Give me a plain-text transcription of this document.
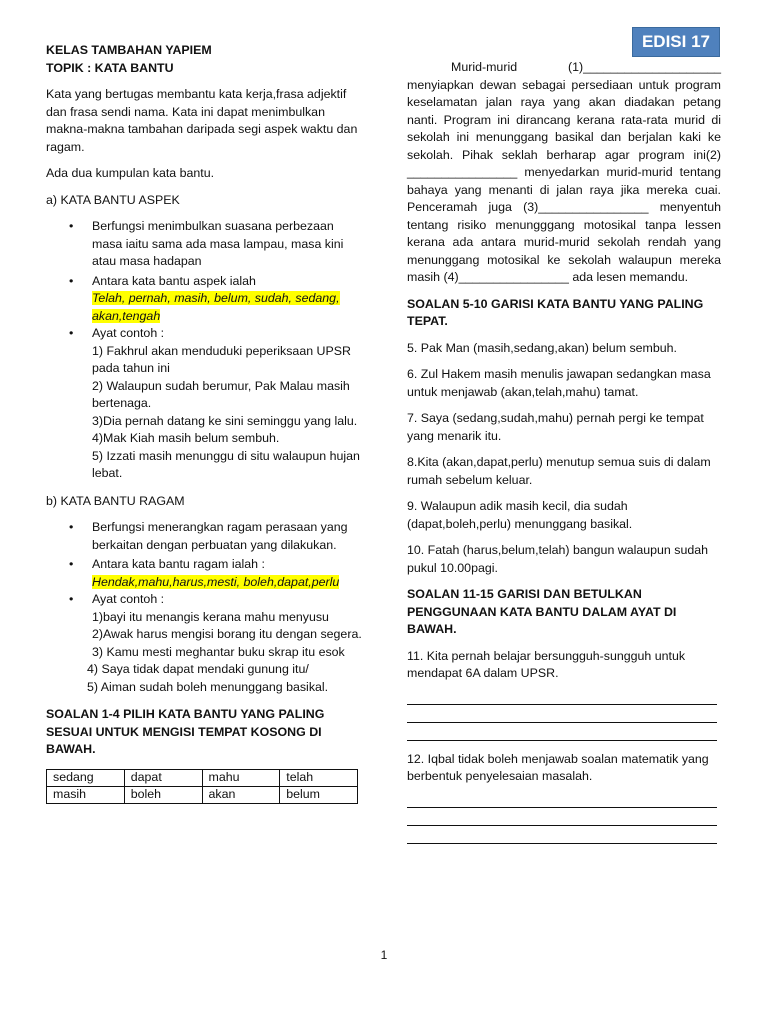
EDISI 17
KELAS TAMBAHAN YAPIEM
TOPIK : KATA BANTU

Kata yang bertugas membantu kata kerja,frasa adjektif dan frasa sendi nama. Kata ini dapat menimbulkan makna-makna tambahan daripada segi aspek waktu dan ragam.

Ada dua kumpulan kata bantu.

a) KATA BANTU ASPEK
• Berfungsi menimbulkan suasana perbezaan masa iaitu sama ada masa lampau, masa kini atau masa hadapan
• Antara kata bantu aspek ialah
Telah, pernah, masih, belum, sudah, sedang, akan,tengah
• Ayat contoh :
1) Fakhrul akan menduduki peperiksaan UPSR pada tahun ini
2) Walaupun sudah berumur, Pak Malau masih bertenaga.
3)Dia pernah datang ke sini seminggu yang lalu.
4)Mak Kiah masih belum sembuh.
5) Izzati masih menunggu di situ walaupun hujan lebat.
b) KATA BANTU RAGAM
• Berfungsi menerangkan ragam perasaan yang berkaitan dengan perbuatan yang dilakukan.
• Antara kata bantu ragam ialah :
Hendak,mahu,harus,mesti, boleh,dapat,perlu
• Ayat contoh :
1)bayi itu menangis kerana mahu menyusu
2)Awak harus mengisi borang itu dengan segera.
3) Kamu mesti meghantar buku skrap itu esok
4) Saya tidak dapat mendaki gunung itu/
5) Aiman sudah boleh menunggang basikal.
SOALAN 1-4 PILIH KATA BANTU YANG PALING SESUAI UNTUK MENGISI TEMPAT KOSONG DI BAWAH.
sedang	dapat	mahu	telah
masih	boleh	akan	belum
Murid-murid	(1)____________________

menyiapkan dewan sebagai persediaan untuk program keselamatan jalan raya yang akan diadakan petang nanti. Program ini dirancang kerana rata-rata murid di sekolah ini menunggang basikal dan berjalan kaki ke sekolah. Pihak seklah berharap agar program ini(2) ________________ menyedarkan murid-murid tentang bahaya yang menanti di jalan raya jika mereka cuai. Penceramah juga (3)________________ menyentuh tentang risiko menungggang motosikal tanpa lessen kerana ada antara murid-murid sekolah rendah yang menunggang motosikal ke sekolah walaupun mereka masih (4)________________ ada lesen memandu.

SOALAN 5-10 GARISI KATA BANTU YANG PALING TEPAT.

5. Pak Man (masih,sedang,akan) belum sembuh.

6. Zul Hakem masih menulis jawapan sedangkan masa untuk menjawab (akan,telah,mahu) tamat.

7. Saya (sedang,sudah,mahu) pernah pergi ke tempat yang menarik itu.

8.Kita (akan,dapat,perlu) menutup semua suis di dalam rumah sebelum keluar.

9. Walaupun adik masih kecil, dia sudah (dapat,boleh,perlu) menunggang basikal.

10. Fatah (harus,belum,telah) bangun walaupun sudah pukul 10.00pagi.

SOALAN 11-15 GARISI DAN BETULKAN PENGGUNAAN KATA BANTU DALAM AYAT DI BAWAH.

11. Kita pernah belajar bersungguh-sungguh untuk mendapat 6A dalam UPSR.

12. Iqbal tidak boleh menjawab soalan matematik yang berbentuk penyelesaian masalah.

1
